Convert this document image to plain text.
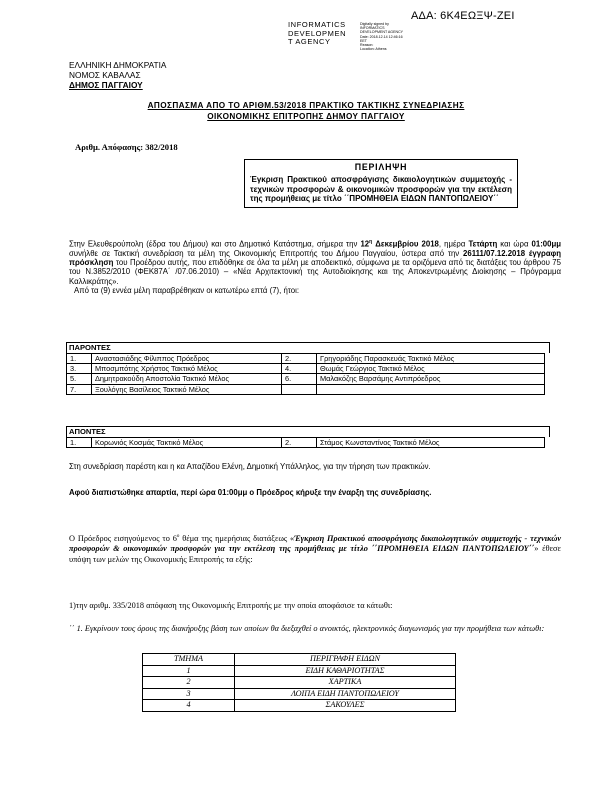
ΑΔΑ: 6Κ4ΕΩΞΨ-ΖΕΙ
INFORMATICS
DEVELOPMEN
T AGENCY
Digitally signed by
INFORMATICS
DEVELOPMENT AGENCY
Date: 2018.12.14 12:46:16
EET
Reason:
Location: Athens
ΕΛΛΗΝΙΚΗ ΔΗΜΟΚΡΑΤΙΑ
ΝΟΜΟΣ ΚΑΒΑΛΑΣ
ΔΗΜΟΣ ΠΑΓΓΑΙΟΥ
ΑΠΟΣΠΑΣΜΑ ΑΠΟ ΤΟ ΑΡΙΘΜ.53/2018 ΠΡΑΚΤΙΚΟ ΤΑΚΤΙΚΗΣ ΣΥΝΕΔΡΙΑΣΗΣ
ΟΙΚΟΝΟΜΙΚΗΣ ΕΠΙΤΡΟΠΗΣ ΔΗΜΟΥ ΠΑΓΓΑΙΟΥ
Αριθμ. Απόφασης: 382/2018
ΠΕΡΙΛΗΨΗ
Έγκριση Πρακτικού αποσφράγισης δικαιολογητικών συμμετοχής - τεχνικών προσφορών & οικονομικών προσφορών για την εκτέλεση της προμήθειας με τίτλο ΄΄ΠΡΟΜΗΘΕΙΑ ΕΙΔΩΝ ΠΑΝΤΟΠΩΛΕΙΟΥ΄΄
Στην Ελευθερούπολη (έδρα του Δήμου) και στο Δημοτικό Κατάστημα, σήμερα την $12^\eta$ Δεκεμβρίου 2018, ημέρα Τετάρτη και ώρα 01:00μμ συνήλθε σε Τακτική συνεδρίαση τα μέλη της Οικονομικής Επιτροπής του Δήμου Παγγαίου, ύστερα από την 26111/07.12.2018 έγγραφη πρόσκληση του Προέδρου αυτής, που επιδόθηκε σε όλα τα μέλη με αποδεικτικό, σύμφωνα με τα οριζόμενα από τις διατάξεις του άρθρου 75 του Ν.3852/2010 (ΦΕΚ87Α΄ /07.06.2010) – «Νέα Αρχιτεκτονική της Αυτοδιοίκησης και της Αποκεντρωμένης Διοίκησης – Πρόγραμμα Καλλικράτης».
Από τα (9) εννέα μέλη παραβρέθηκαν οι κατωτέρω επτά (7), ήτοι:
ΠΑΡΟΝΤΕΣ
1.	Αναστασιάδης Φίλιππος Πρόεδρος	2.	Γρηγοριάδης Παρασκευάς Τακτικό Μέλος
3.	Μποσμπότης Χρήστος Τακτικό Μέλος	4.	Θωμάς Γεώργιος Τακτικό Μέλος
5.	Δημητρακούδη Αποστολία Τακτικό Μέλος	6.	Μαλακόζης Βαρσάμης Αντιπρόεδρος
7.	Ξουλόγης Βασίλειος Τακτικό Μέλος		
ΑΠΟΝΤΕΣ
1.	Κορωνιός Κοσμάς Τακτικό Μέλος	2.	Στάμος Κωνσταντίνος Τακτικό Μέλος
Στη συνεδρίαση παρέστη και η κα Απαζίδου Ελένη, Δημοτική Υπάλληλος, για την τήρηση των πρακτικών.
Αφού διαπιστώθηκε απαρτία, περί ώρα 01:00μμ ο Πρόεδρος κήρυξε την έναρξη της συνεδρίασης.
Ο Πρόεδρος εισηγούμενος το $6^o$ θέμα της ημερήσιας διατάξεως «Έγκριση Πρακτικού αποσφράγισης δικαιολογητικών συμμετοχής - τεχνικών προσφορών & οικονομικών προσφορών για την εκτέλεση της προμήθειας με τίτλο ΄΄ΠΡΟΜΗΘΕΙΑ ΕΙΔΩΝ ΠΑΝΤΟΠΩΛΕΙΟΥ΄΄» έθεσε υπόψη των μελών της Οικονομικής Επιτροπής τα εξής:
1)την αριθμ. 335/2018 απόφαση της Οικονομικής Επιτροπής με την οποία αποφάσισε τα κάτωθι:
΄΄ 1. Εγκρίνουν τους όρους της διακήρυξης βάση των οποίων θα διεξαχθεί ο ανοικτός, ηλεκτρονικός διαγωνισμός για την προμήθεια των κάτωθι:
ΤΜΗΜΑ	ΠΕΡΙΓΡΑΦΗ ΕΙΔΩΝ
1	ΕΙΔΗ ΚΑΘΑΡΙΟΤΗΤΑΣ
2	ΧΑΡΤΙΚΑ
3	ΛΟΙΠΑ ΕΙΔΗ ΠΑΝΤΟΠΩΛΕΙΟΥ
4	ΣΑΚΟΥΛΕΣ
